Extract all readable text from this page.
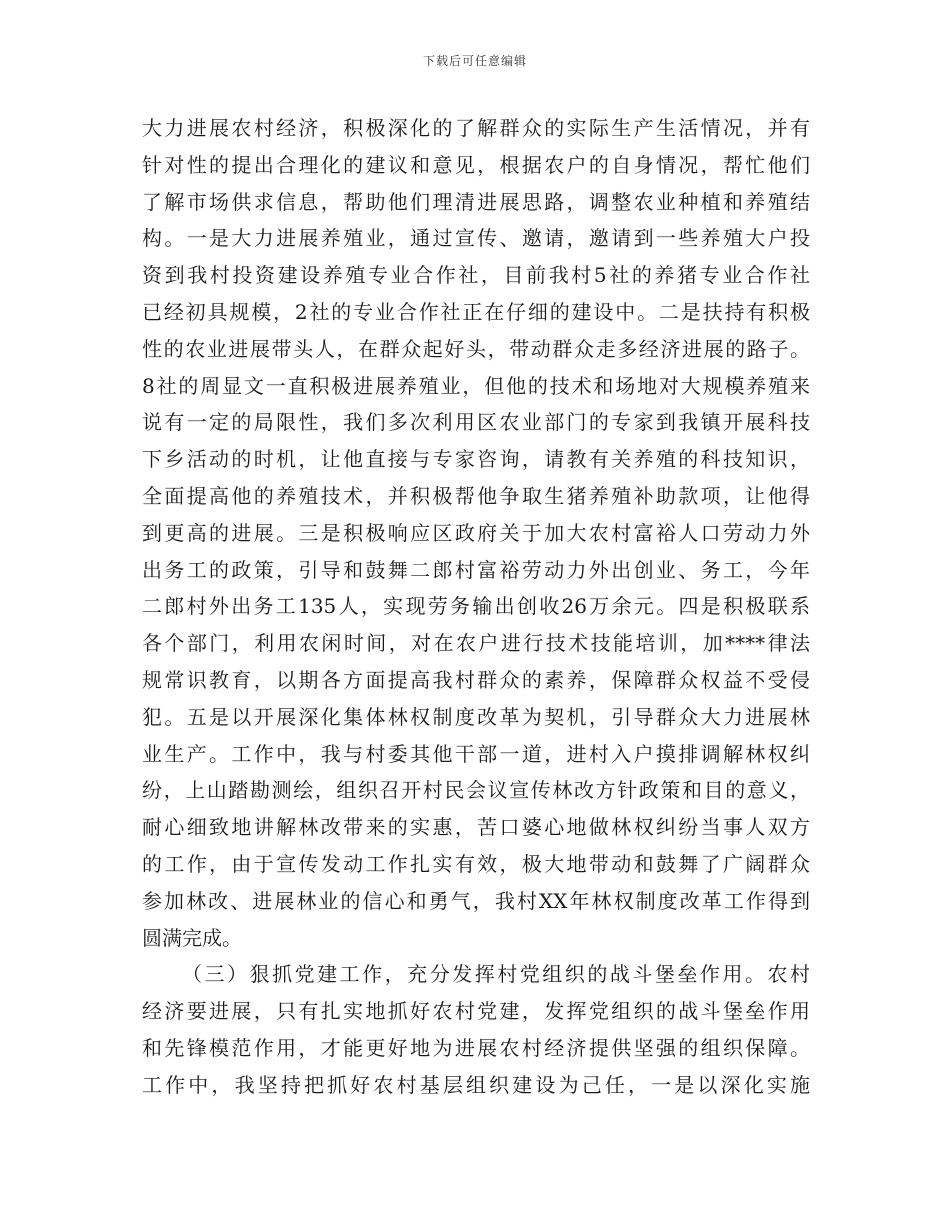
下载后可任意编辑
大力进展农村经济，积极深化的了解群众的实际生产生活情况，并有
针对性的提出合理化的建议和意见，根据农户的自身情况，帮忙他们
了解市场供求信息，帮助他们理清进展思路，调整农业种植和养殖结
构。一是大力进展养殖业，通过宣传、邀请，邀请到一些养殖大户投
资到我村投资建设养殖专业合作社，目前我村5社的养猪专业合作社
已经初具规模，2社的专业合作社正在仔细的建设中。二是扶持有积极
性的农业进展带头人，在群众起好头，带动群众走多经济进展的路子。
8社的周显文一直积极进展养殖业，但他的技术和场地对大规模养殖来
说有一定的局限性，我们多次利用区农业部门的专家到我镇开展科技
下乡活动的时机，让他直接与专家咨询，请教有关养殖的科技知识，
全面提高他的养殖技术，并积极帮他争取生猪养殖补助款项，让他得
到更高的进展。三是积极响应区政府关于加大农村富裕人口劳动力外
出务工的政策，引导和鼓舞二郎村富裕劳动力外出创业、务工，今年
二郎村外出务工135人，实现劳务输出创收26万余元。四是积极联系
各个部门，利用农闲时间，对在农户进行技术技能培训，加****律法
规常识教育，以期各方面提高我村群众的素养，保障群众权益不受侵
犯。五是以开展深化集体林权制度改革为契机，引导群众大力进展林
业生产。工作中，我与村委其他干部一道，进村入户摸排调解林权纠
纷，上山踏勘测绘，组织召开村民会议宣传林改方针政策和目的意义，
耐心细致地讲解林改带来的实惠，苦口婆心地做林权纠纷当事人双方
的工作，由于宣传发动工作扎实有效，极大地带动和鼓舞了广阔群众
参加林改、进展林业的信心和勇气，我村XX年林权制度改革工作得到
圆满完成。
（三）狠抓党建工作，充分发挥村党组织的战斗堡垒作用。农村
经济要进展，只有扎实地抓好农村党建，发挥党组织的战斗堡垒作用
和先锋模范作用，才能更好地为进展农村经济提供坚强的组织保障。
工作中，我坚持把抓好农村基层组织建设为己任，一是以深化实施
